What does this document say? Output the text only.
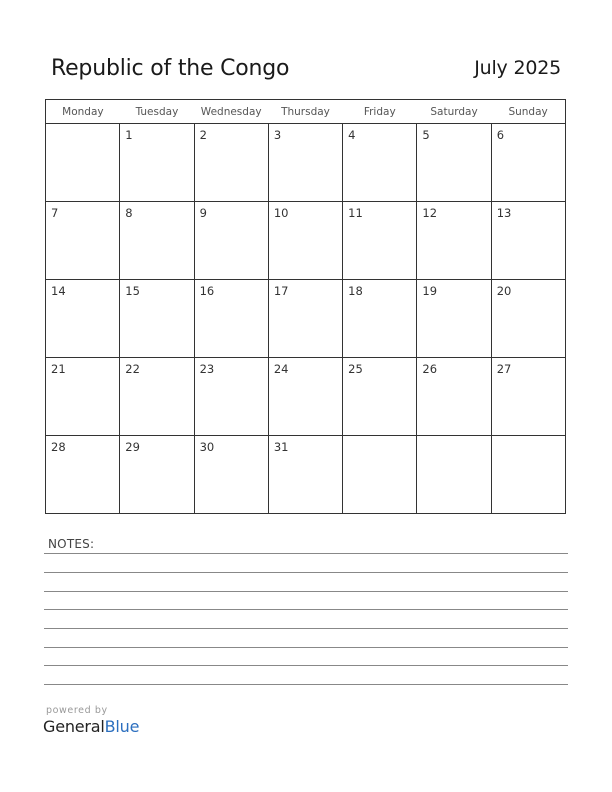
Republic of the Congo	July 2025
Monday	Tuesday	Wednesday	Thursday	Friday	Saturday	Sunday

	1	2	3	4	5	6

7	8	9	10	11	12	13

14	15	16	17	18	19	20

21	22	23	24	25	26	27

28	29	30	31			

NOTES:
powered by
GeneralBlue
